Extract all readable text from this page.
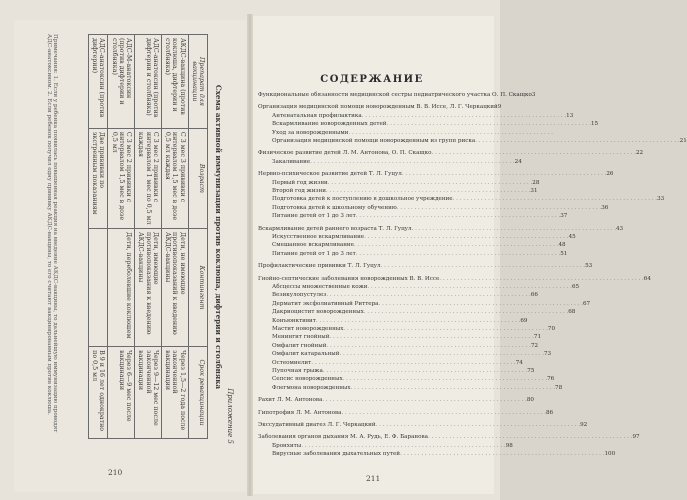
Приложение 5
Схема активной иммунизации против коклюша, дифтерии и столбняка
Препарат для вакцинации	Возраст	Контингент	Срок ревакцинации
АКДС-вакцина (против коклюша, дифтерии и столбняка)	С 3 мес 3 прививки с интервалом 1,5 мес в дозе 0,5 мл каждая	Дети, не имеющие противопоказаний к введению АКДС-вакцины	Через 1,5—2 года после законченной вакцинации
АДС-анатоксин (против дифтерии и столбняка)	С 3 мес 2 прививки с интервалом 1 мес по 0,5 мл каждая	Дети, имеющие противопоказания к введению АКДС-вакцины	Через 9—12 мес после законченной вакцинации
АДС-М-анатоксин (против дифтерии и столбняка)	С 3 мес 2 прививки с интервалом 1,5 мес в дозе 0,5 мл	Дети, переболевшие коклюшем	Через 6—9 мес после вакцинации
АДС-анатоксин (против дифтерии)	Две прививки по экстренным показаниям		В 9 и 16 лет однократно по 0,5 мл
Примечания: 1. Если у ребенка появилась повышенная реакция на введение АКДС-вакцины, то дальнейшую иммунизацию проводят АДС-анатоксином. 2. Если ребенок получил одну прививку АКДС-вакцины, то его считают вакцинированным против коклюша.
210
СОДЕРЖАНИЕ
Функциональные обязанности медицинской сестры педиатрического участка О. П. Скащко 3
Организация медицинской помощи новорожденным В. В. Иссе, Л. Г. Черкацкий 9
Антенатальная профилактика . . .	13
Вскармливание новорожденных детей . . .	15
Уход за новорожденными
. . .
Организация медицинской помощи новорожденным из групп риска . . .	21
Физическое развитие детей Л. М. Антонова, О. П. Скащко . . .	22
Закаливание . . .	24
Нервно-психическое развитие детей Т. Л. Гуцул . . .	26
Первый год жизни . . .	28
Второй год жизни . . .	31
Подготовка детей к поступлению в дошкольное учреждение . . .	33
Подготовка детей к школьному обучению . . .	36
Питание детей от 1 до 3 лет . . .	37
Вскармливание детей раннего возраста Т. Л. Гуцул . . .	43
Искусственное вскармливание . . .	45
Смешанное вскармливание . . .	48
Питание детей от 1 до 3 лет . . .	51
Профилактические прививки Т. Л. Гуцул . . .	53
Гнойно-септические заболевания новорожденных В. В. Иссе . . .	64
Абсцессы множественные кожи . . .	65
Везикулопустулез . . .	66
Дерматит эксфолиативный Риттера . . .	67
Дакриоцистит новорожденных . . .	68
Конъюнктивит . . .	69
Мастит новорожденных . . .	70
Менингит гнойный . . .	71
Омфалит гнойный . . .	72
Омфалит катаральный . . .	73
Остеомиелит . . .	74
Пупочная грыжа . . .	75
Сепсис новорожденных . . .	76
Флегмона новорожденных . . .	78
Рахит Л. М. Антонова . . .	80
Гипотрофия Л. М. Антонова . . .	86
Экссудативный диатез Л. Г. Черкацкий . . .	92
Заболевания органов дыхания М. А. Рудь, Е. Ф. Баранова . . .	97
Бронхиты . . .	98
Вирусные заболевания дыхательных путей . . .	100
211
